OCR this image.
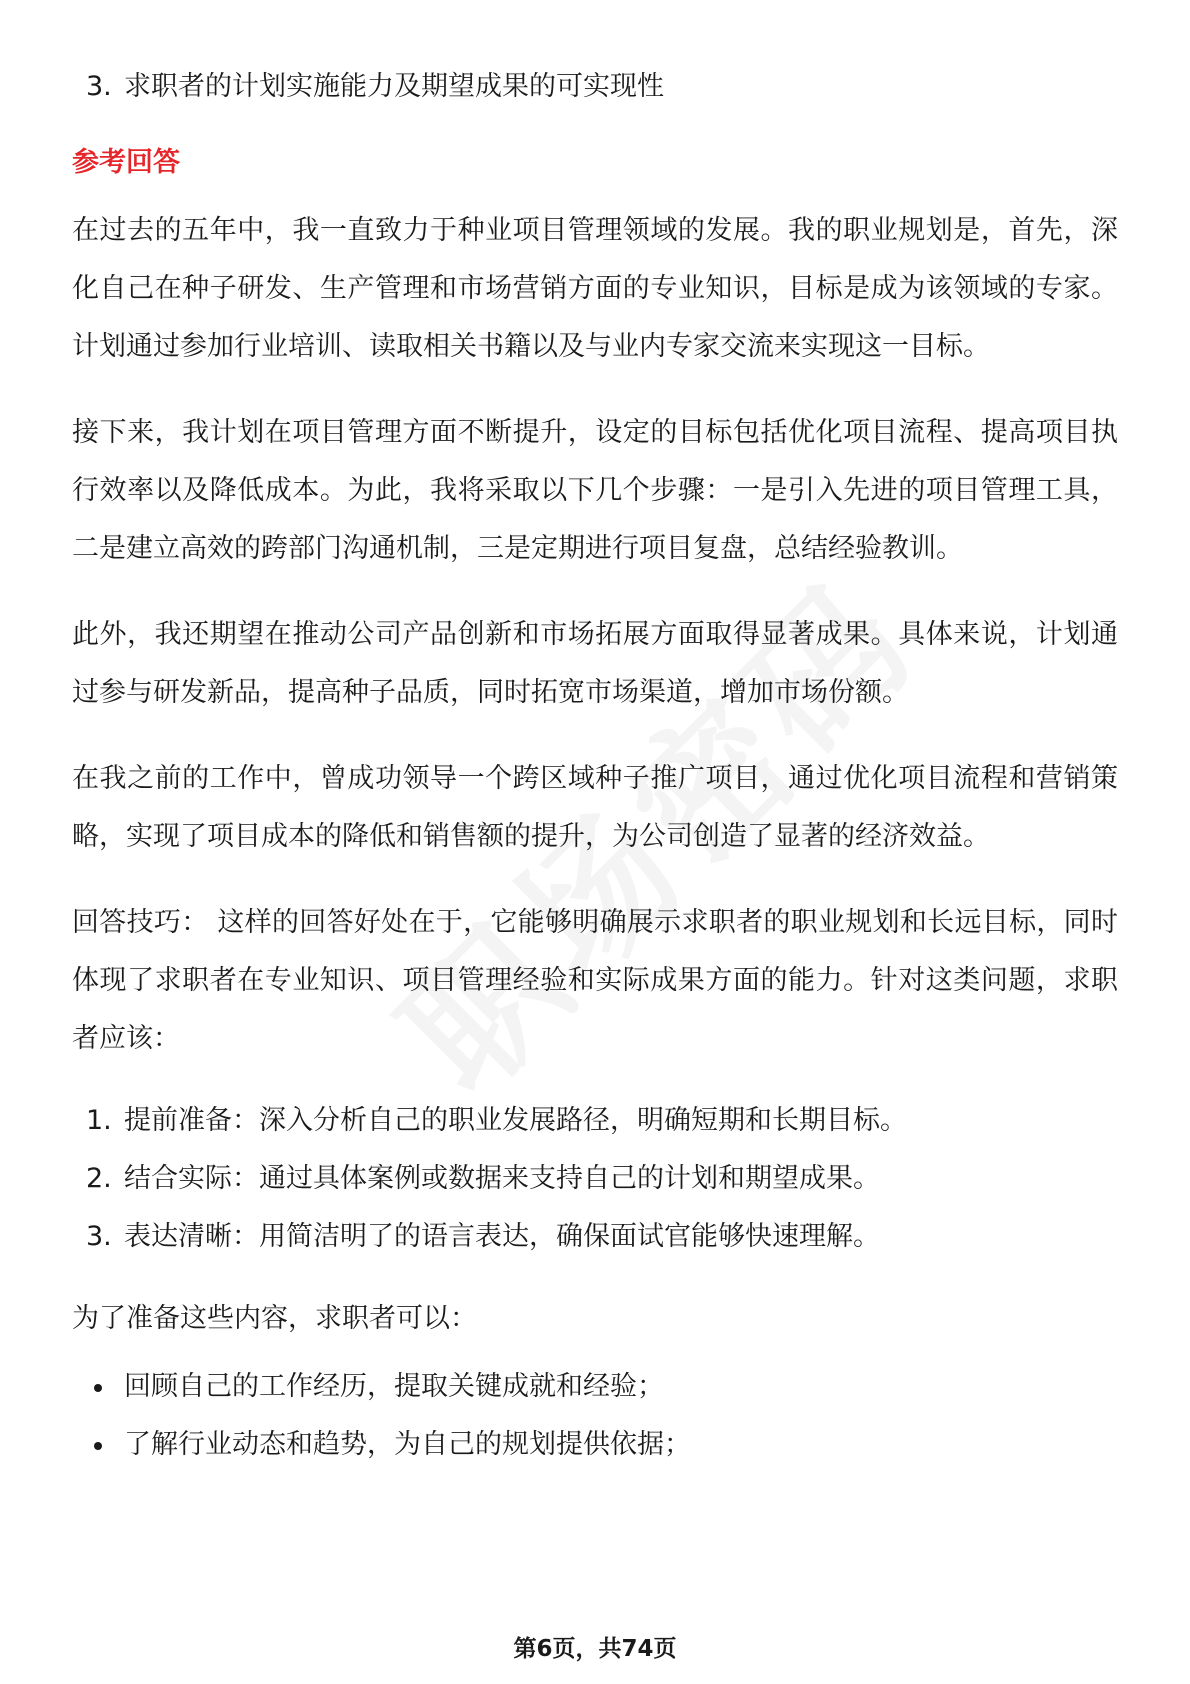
3. 求职者的计划实施能力及期望成果的可实现性
参考回答

在过去的五年中，我一直致力于种业项目管理领域的发展。我的职业规划是，首先，深化自己在种子研发、生产管理和市场营销方面的专业知识，目标是成为该领域的专家。计划通过参加行业培训、读取相关书籍以及与业内专家交流来实现这一目标。

接下来，我计划在项目管理方面不断提升，设定的目标包括优化项目流程、提高项目执行效率以及降低成本。为此，我将采取以下几个步骤：一是引入先进的项目管理工具，二是建立高效的跨部门沟通机制，三是定期进行项目复盘，总结经验教训。

此外，我还期望在推动公司产品创新和市场拓展方面取得显著成果。具体来说，计划通过参与研发新品，提高种子品质，同时拓宽市场渠道，增加市场份额。

在我之前的工作中，曾成功领导一个跨区域种子推广项目，通过优化项目流程和营销策略，实现了项目成本的降低和销售额的提升，为公司创造了显著的经济效益。

回答技巧： 这样的回答好处在于，它能够明确展示求职者的职业规划和长远目标，同时体现了求职者在专业知识、项目管理经验和实际成果方面的能力。针对这类问题，求职者应该：

1. 提前准备：深入分析自己的职业发展路径，明确短期和长期目标。
2. 结合实际：通过具体案例或数据来支持自己的计划和期望成果。
3. 表达清晰：用简洁明了的语言表达，确保面试官能够快速理解。

为了准备这些内容，求职者可以：

回顾自己的工作经历，提取关键成就和经验；
了解行业动态和趋势，为自己的规划提供依据；
第6页，共74页
